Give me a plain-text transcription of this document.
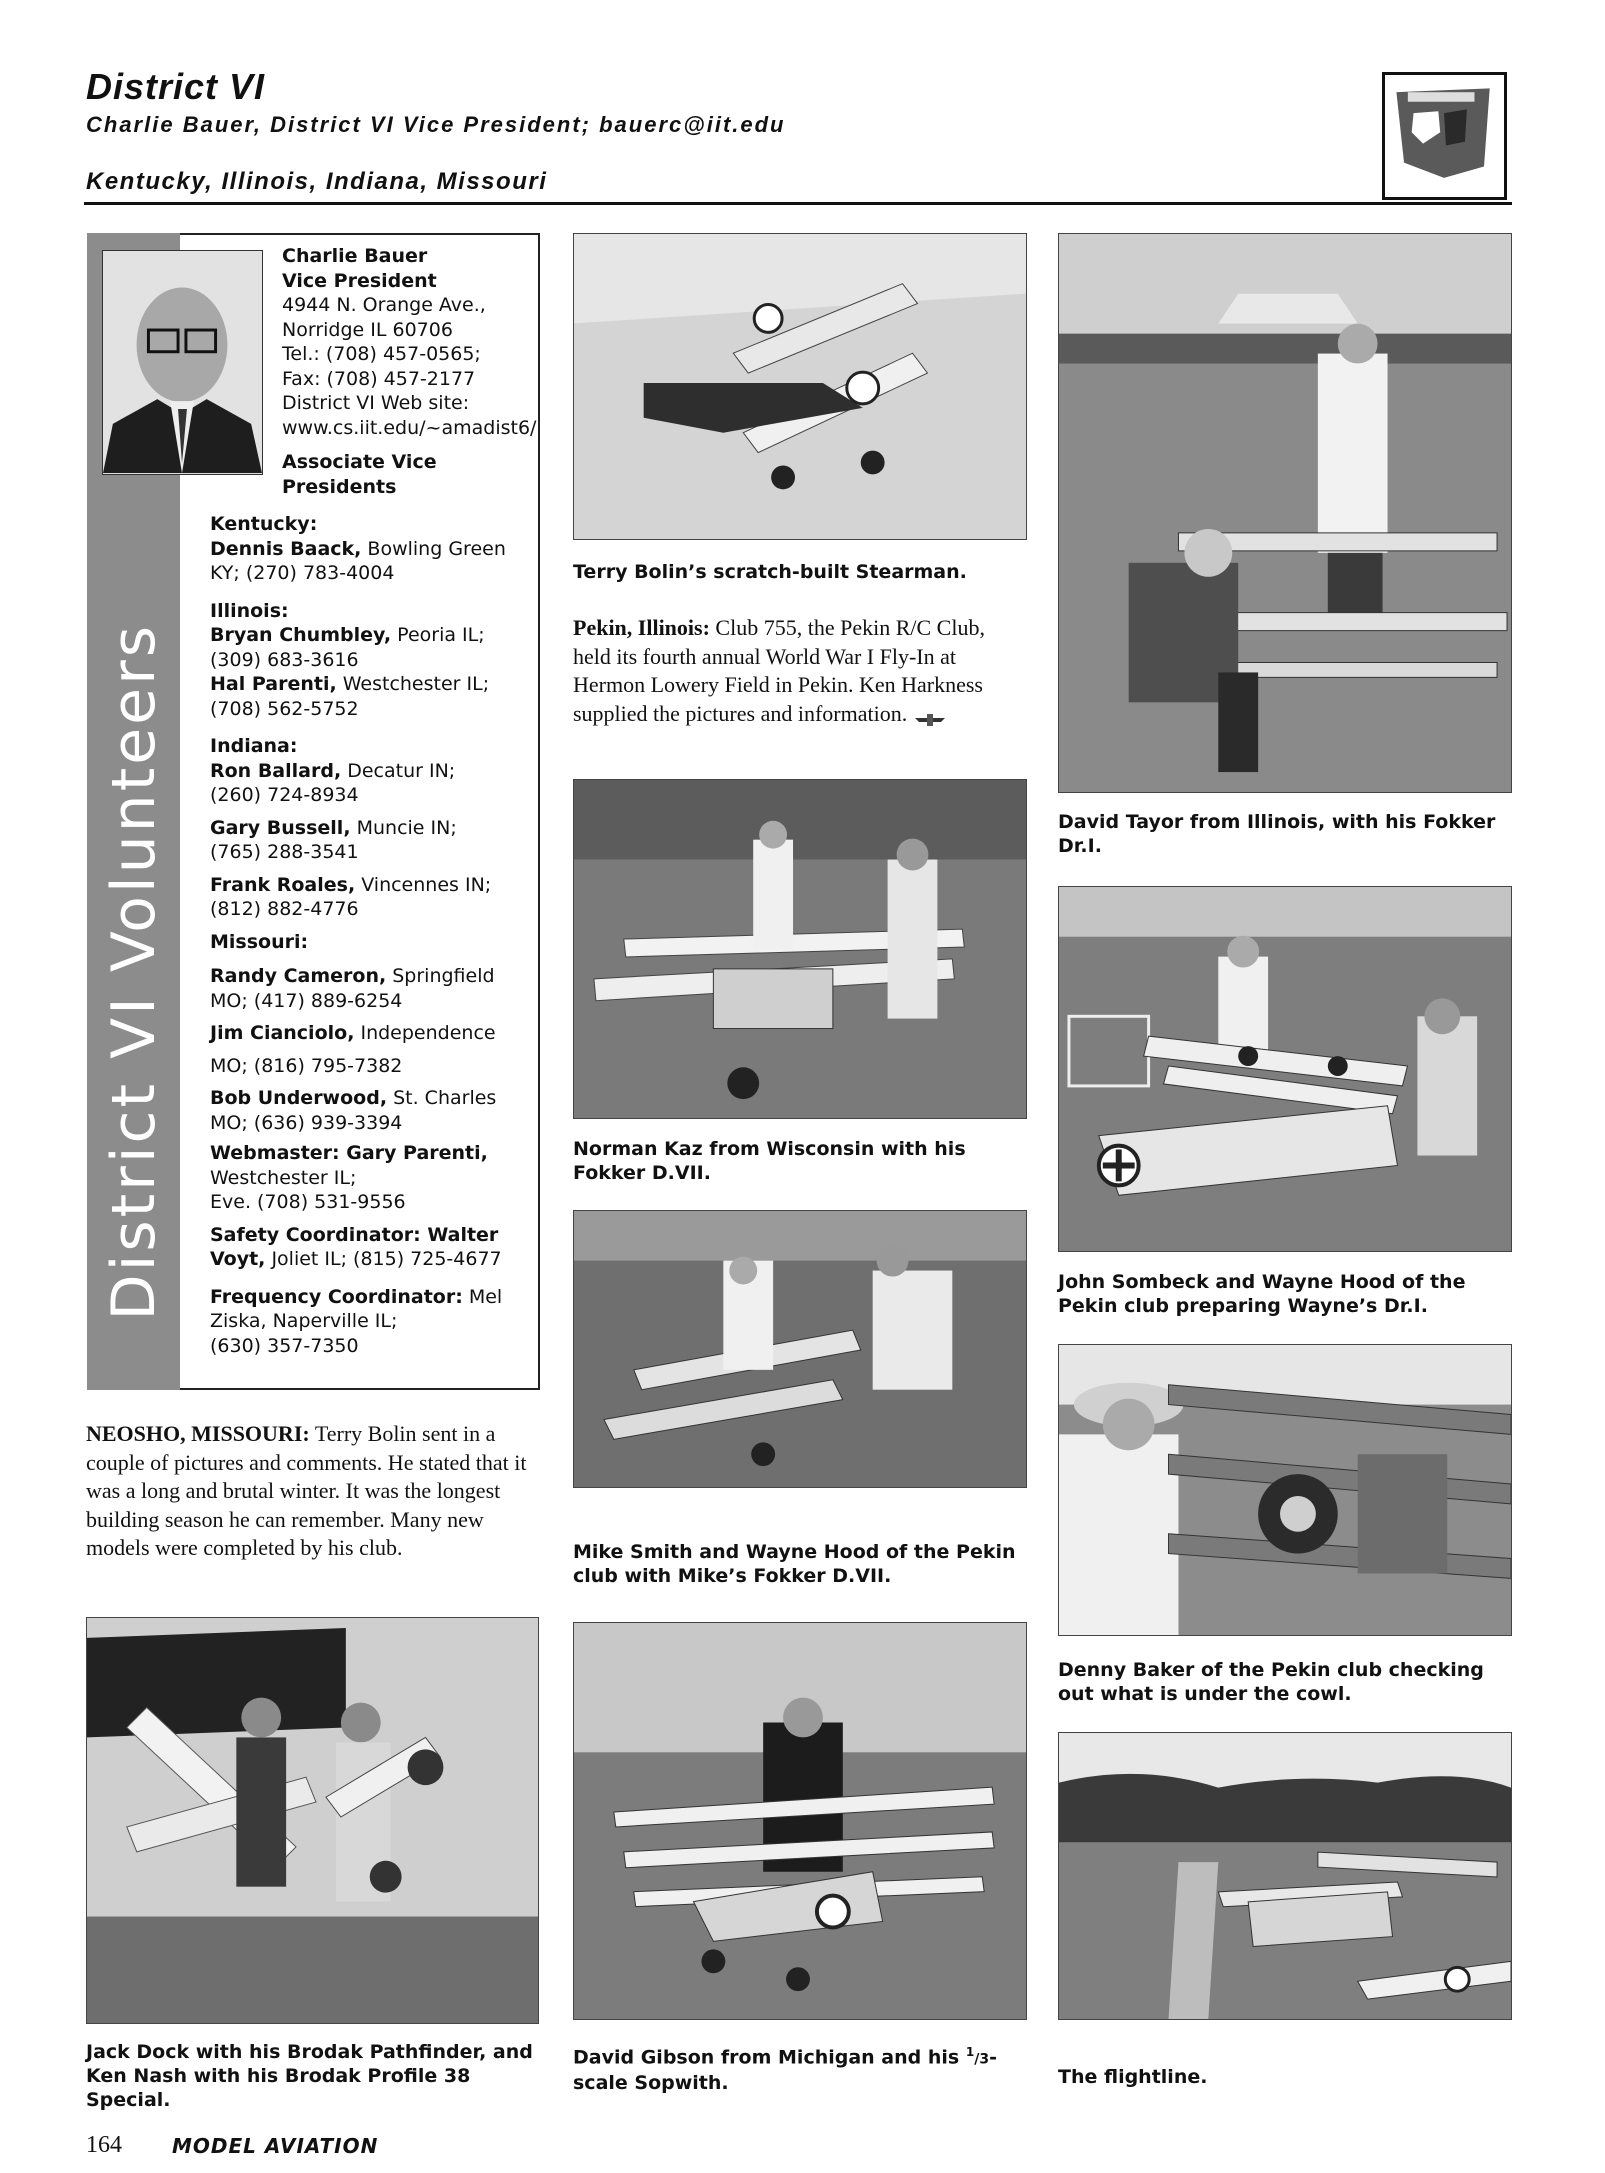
District VI
Charlie Bauer, District VI Vice President; bauerc@iit.edu
Kentucky, Illinois, Indiana, Missouri
District VI Volunteers
Charlie Bauer
Vice President
4944 N. Orange Ave.,
Norridge IL 60706
Tel.: (708) 457-0565;
Fax: (708) 457-2177
District VI Web site:
www.cs.iit.edu/~amadist6/
Associate Vice
Presidents
Kentucky:
Dennis Baack, Bowling Green
KY; (270) 783-4004
Illinois:
Bryan Chumbley, Peoria IL;
(309) 683-3616
Hal Parenti, Westchester IL;
(708) 562-5752
Indiana:
Ron Ballard, Decatur IN;
(260) 724-8934
Gary Bussell, Muncie IN;
(765) 288-3541
Frank Roales, Vincennes IN;
(812) 882-4776
Missouri:
Randy Cameron, Springfield
MO; (417) 889-6254
Jim Cianciolo, Independence
MO; (816) 795-7382
Bob Underwood, St. Charles
MO; (636) 939-3394
Webmaster: Gary Parenti,
Westchester IL;
Eve. (708) 531-9556
Safety Coordinator: Walter
Voyt, Joliet IL; (815) 725-4677
Frequency Coordinator: Mel
Ziska, Naperville IL;
(630) 357-7350
NEOSHO, MISSOURI: Terry Bolin sent in a couple of pictures and comments. He stated that it was a long and brutal winter. It was the longest building season he can remember. Many new models were completed by his club.
Jack Dock with his Brodak Pathfinder, and Ken Nash with his Brodak Profile 38 Special.
Terry Bolin’s scratch-built Stearman.
Pekin, Illinois: Club 755, the Pekin R/C Club, held its fourth annual World War I Fly-In at Hermon Lowery Field in Pekin. Ken Harkness supplied the pictures and information.
Norman Kaz from Wisconsin with his Fokker D.VII.
Mike Smith and Wayne Hood of the Pekin club with Mike’s Fokker D.VII.
David Gibson from Michigan and his $^1$/3-scale Sopwith.
David Tayor from Illinois, with his Fokker Dr.I.
John Sombeck and Wayne Hood of the Pekin club preparing Wayne’s Dr.I.
Denny Baker of the Pekin club checking out what is under the cowl.
The flightline.
164	MODEL AVIATION
